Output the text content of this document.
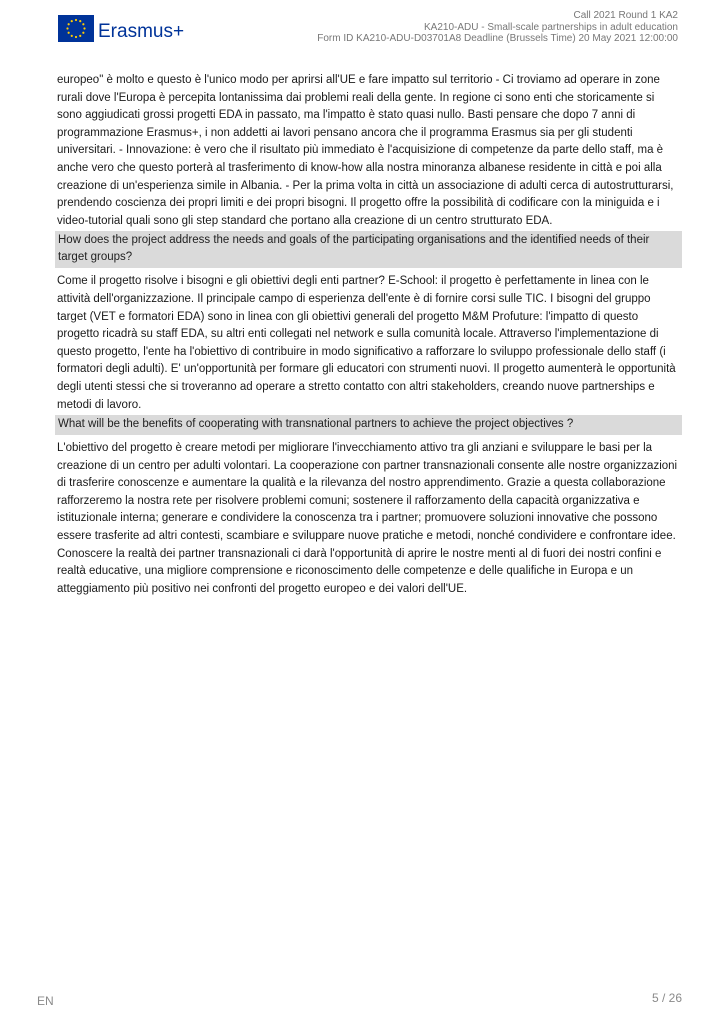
Erasmus+
Call 2021 Round 1 KA2
KA210-ADU - Small-scale partnerships in adult education
Form ID KA210-ADU-D03701A8 Deadline (Brussels Time) 20 May 2021 12:00:00

europeo" è molto e questo è l'unico modo per aprirsi all'UE e fare impatto sul territorio - Ci troviamo ad operare in zone rurali dove l'Europa è percepita lontanissima dai problemi reali della gente. In regione ci sono enti che storicamente si sono aggiudicati grossi progetti EDA in passato, ma l'impatto è stato quasi nullo. Basti pensare che dopo 7 anni di programmazione Erasmus+, i non addetti ai lavori pensano ancora che il programma Erasmus sia per gli studenti universitari. - Innovazione: è vero che il risultato più immediato è l'acquisizione di competenze da parte dello staff, ma è anche vero che questo porterà al trasferimento di know-how alla nostra minoranza albanese residente in città e poi alla creazione di un'esperienza simile in Albania. - Per la prima volta in città un associazione di adulti cerca di autostrutturarsi, prendendo coscienza dei propri limiti e dei propri bisogni. Il progetto offre la possibilità di codificare con la miniguida e i video-tutorial quali sono gli step standard che portano alla creazione di un centro strutturato EDA.

How does the project address the needs and goals of the participating organisations and the identified needs of their target groups?

Come il progetto risolve i bisogni e gli obiettivi degli enti partner? E-School: il progetto è perfettamente in linea con le attività dell'organizzazione. Il principale campo di esperienza dell'ente è di fornire corsi sulle TIC. I bisogni del gruppo target (VET e formatori EDA) sono in linea con gli obiettivi generali del progetto M&M Profuture: l'impatto di questo progetto ricadrà su staff EDA, su altri enti collegati nel network e sulla comunità locale. Attraverso l'implementazione di questo progetto, l'ente ha l'obiettivo di contribuire in modo significativo a rafforzare lo sviluppo professionale dello staff (i formatori degli adulti). E' un'opportunità per formare gli educatori con strumenti nuovi. Il progetto aumenterà le opportunità degli utenti stessi che si troveranno ad operare a stretto contatto con altri stakeholders, creando nuove partnerships e metodi di lavoro.

What will be the benefits of cooperating with transnational partners to achieve the project objectives ?

L'obiettivo del progetto è creare metodi per migliorare l'invecchiamento attivo tra gli anziani e sviluppare le basi per la creazione di un centro per adulti volontari. La cooperazione con partner transnazionali consente alle nostre organizzazioni di trasferire conoscenze e aumentare la qualità e la rilevanza del nostro apprendimento. Grazie a questa collaborazione rafforzeremo la nostra rete per risolvere problemi comuni; sostenere il rafforzamento della capacità organizzativa e istituzionale interna; generare e condividere la conoscenza tra i partner; promuovere soluzioni innovative che possono essere trasferite ad altri contesti, scambiare e sviluppare nuove pratiche e metodi, nonché condividere e confrontare idee. Conoscere la realtà dei partner transnazionali ci darà l'opportunità di aprire le nostre menti al di fuori dei nostri confini e realtà educative, una migliore comprensione e riconoscimento delle competenze e delle qualifiche in Europa e un atteggiamento più positivo nei confronti del progetto europeo e dei valori dell'UE.

EN	5 / 26
